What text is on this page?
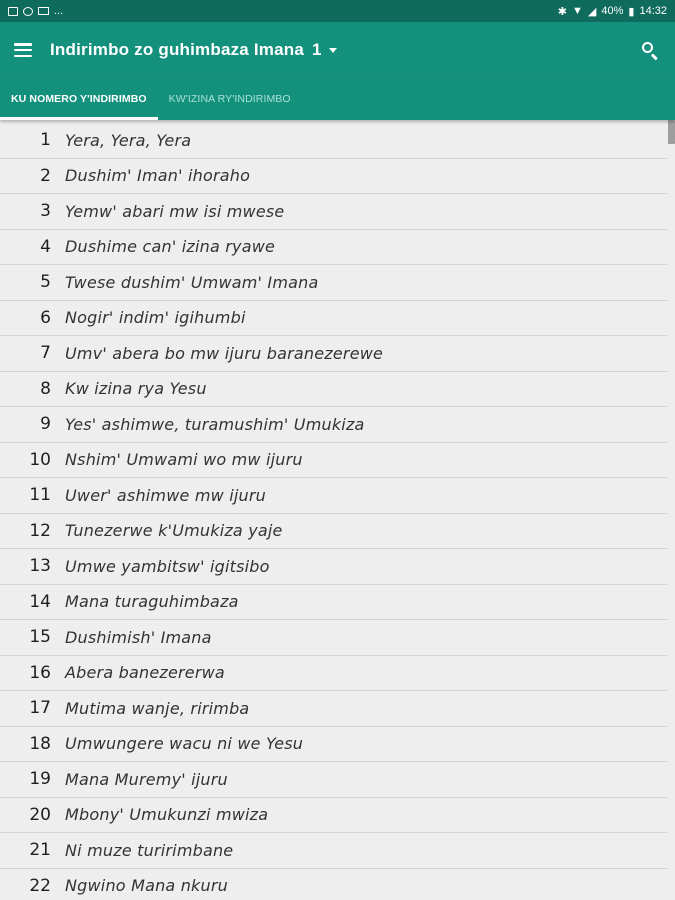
...	✱ ▼ ◢ 40% ▮ 14:32
Indirimbo zo guhimbaza Imana 1
KU NOMERO Y'INDIRIMBO	KW'IZINA RY'INDIRIMBO
1 Yera, Yera, Yera
2 Dushim' Iman' ihoraho
3 Yemw' abari mw isi mwese
4 Dushime can' izina ryawe
5 Twese dushim' Umwam' Imana
6 Nogir' indim' igihumbi
7 Umv' abera bo mw ijuru baranezerewe
8 Kw izina rya Yesu
9 Yes' ashimwe, turamushim' Umukiza
10 Nshim' Umwami wo mw ijuru
11 Uwer' ashimwe mw ijuru
12 Tunezerwe k'Umukiza yaje
13 Umwe yambitsw' igitsibo
14 Mana turaguhimbaza
15 Dushimish' Imana
16 Abera banezererwa
17 Mutima wanje, ririmba
18 Umwungere wacu ni we Yesu
19 Mana Muremy' ijuru
20 Mbony' Umukunzi mwiza
21 Ni muze turirimbane
22 Ngwino Mana nkuru
